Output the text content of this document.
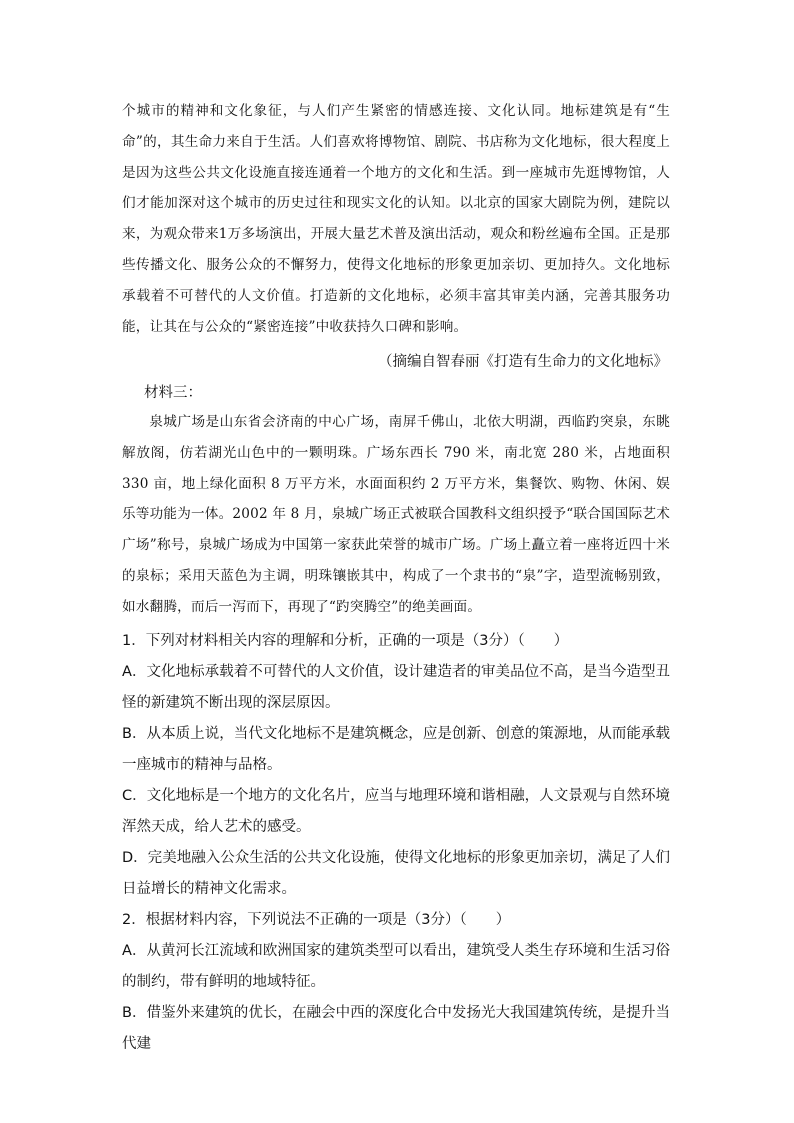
个城市的精神和文化象征，与人们产生紧密的情感连接、文化认同。地标建筑是有“生命”的，其生命力来自于生活。人们喜欢将博物馆、剧院、书店称为文化地标，很大程度上是因为这些公共文化设施直接连通着一个地方的文化和生活。到一座城市先逛博物馆，人们才能加深对这个城市的历史过往和现实文化的认知。以北京的国家大剧院为例，建院以来，为观众带来1万多场演出，开展大量艺术普及演出活动，观众和粉丝遍布全国。正是那些传播文化、服务公众的不懈努力，使得文化地标的形象更加亲切、更加持久。文化地标承载着不可替代的人文价值。打造新的文化地标，必须丰富其审美内涵，完善其服务功能，让其在与公众的“紧密连接”中收获持久口碑和影响。

（摘编自智春丽《打造有生命力的文化地标》
材料三：

泉城广场是山东省会济南的中心广场，南屏千佛山，北依大明湖，西临趵突泉，东眺解放阁，仿若湖光山色中的一颗明珠。广场东西长 790 米，南北宽 280 米，占地面积 330 亩，地上绿化面积 8 万平方米，水面面积约 2 万平方米，集餐饮、购物、休闲、娱乐等功能为一体。2002 年 8 月，泉城广场正式被联合国教科文组织授予“联合国国际艺术广场”称号，泉城广场成为中国第一家获此荣誉的城市广场。广场上矗立着一座将近四十米的泉标；采用天蓝色为主调，明珠镶嵌其中，构成了一个隶书的“泉”字，造型流畅别致，如水翻腾，而后一泻而下，再现了“趵突腾空”的绝美画面。

1．下列对材料相关内容的理解和分析，正确的一项是（3分）（　　）

A．文化地标承载着不可替代的人文价值，设计建造者的审美品位不高，是当今造型丑怪的新建筑不断出现的深层原因。

B．从本质上说，当代文化地标不是建筑概念，应是创新、创意的策源地，从而能承载一座城市的精神与品格。

C．文化地标是一个地方的文化名片，应当与地理环境和谐相融，人文景观与自然环境浑然天成，给人艺术的感受。

D．完美地融入公众生活的公共文化设施，使得文化地标的形象更加亲切，满足了人们日益增长的精神文化需求。

2．根据材料内容，下列说法不正确的一项是（3分）（　　）

A．从黄河长江流域和欧洲国家的建筑类型可以看出，建筑受人类生存环境和生活习俗的制约，带有鲜明的地域特征。

B．借鉴外来建筑的优长，在融会中西的深度化合中发扬光大我国建筑传统，是提升当代建
